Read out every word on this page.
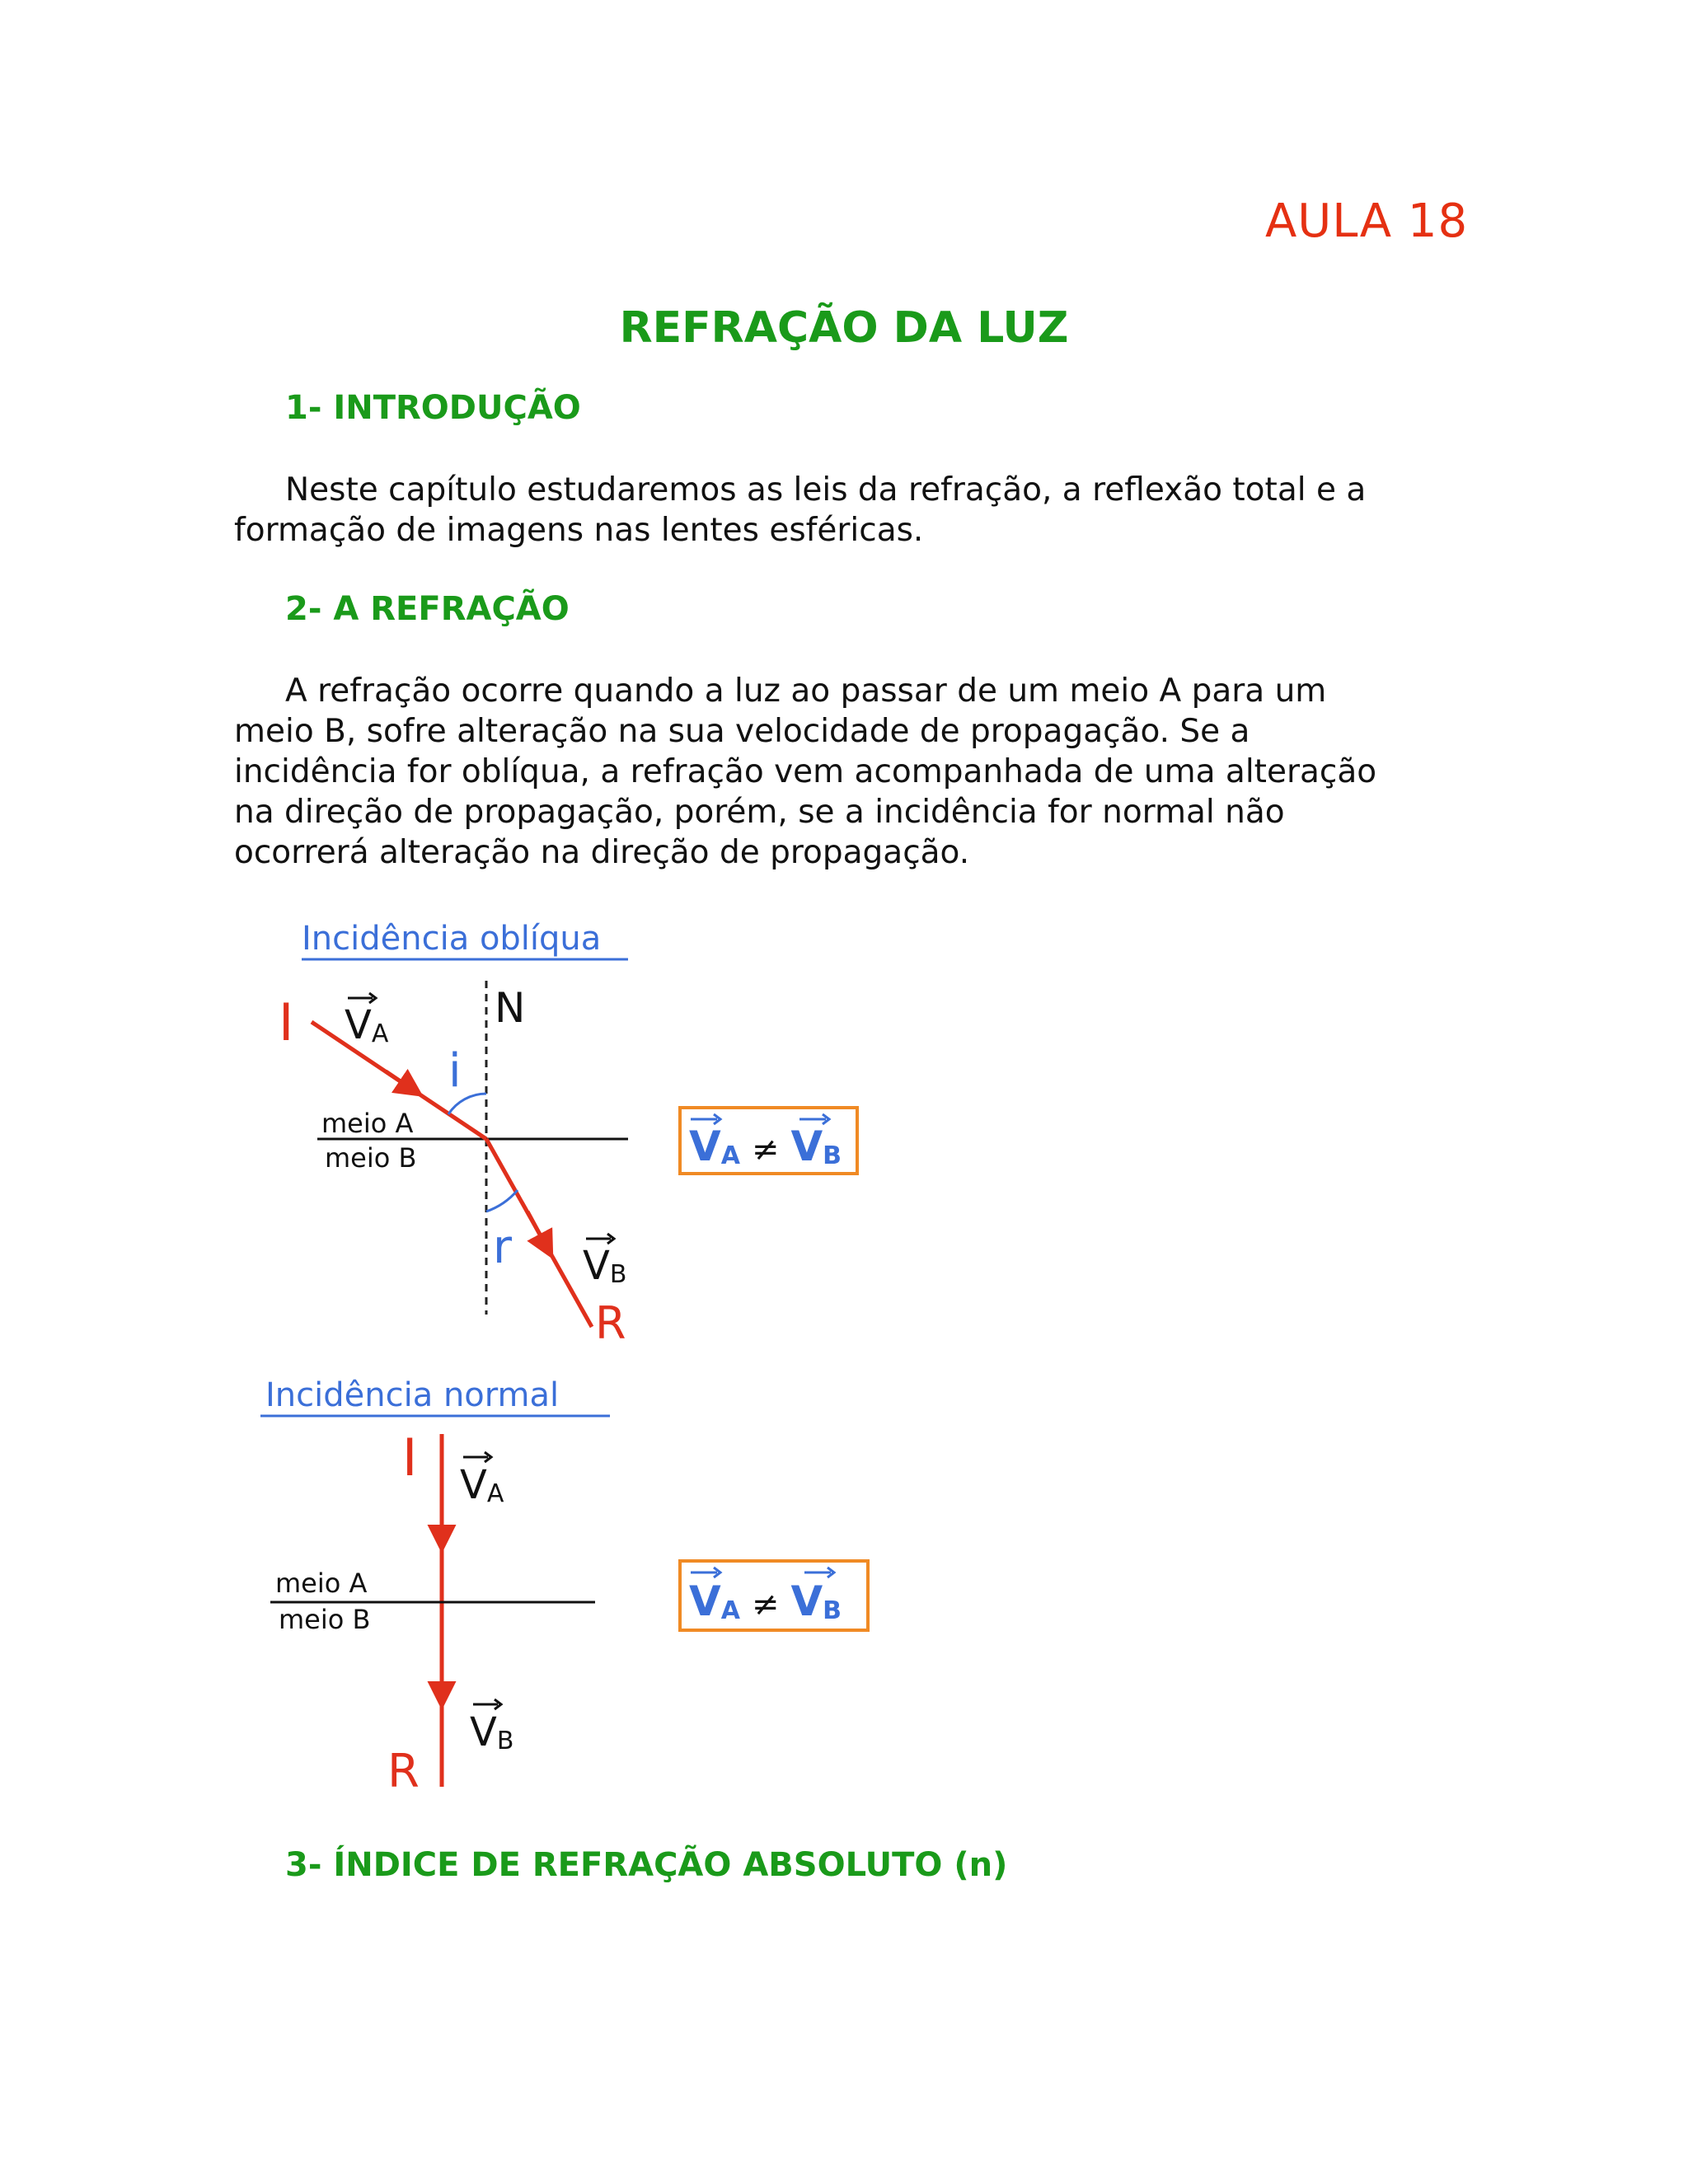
AULA 18
REFRAÇÃO DA LUZ
1- INTRODUÇÃO

Neste capítulo estudaremos as leis da refração, a reflexão total e a

formação de imagens nas lentes esféricas.

2- A REFRAÇÃO

A refração ocorre quando a luz ao passar de um meio A para um

meio B, sofre alteração na sua velocidade de propagação. Se a

incidência for oblíqua, a refração vem acompanhada de uma alteração

na direção de propagação, porém, se a incidência for normal não

ocorrerá alteração na direção de propagação.

Incidência oblíqua
N
meio A
meio B
I
R
i
r
VA
VB
VA ≠ VB
Incidência normal
I
R
meio A
meio B
VA
VB
VA ≠ VB
3- ÍNDICE DE REFRAÇÃO ABSOLUTO (n)
